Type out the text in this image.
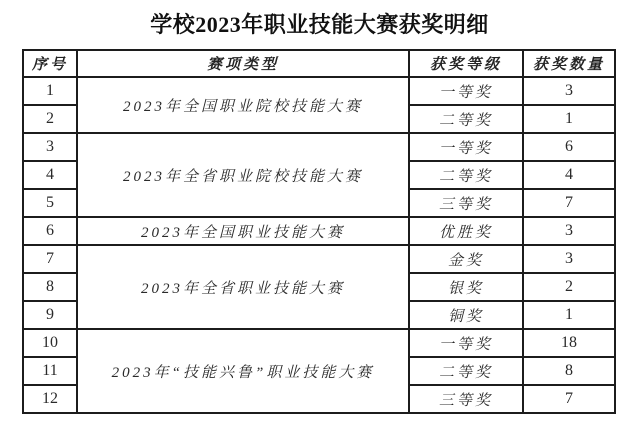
学校2023年职业技能大赛获奖明细
序号	赛项类型	获奖等级	获奖数量
1	2023年全国职业院校技能大赛	一等奖	3
2		二等奖	1
3	2023年全省职业院校技能大赛	一等奖	6
4		二等奖	4
5		三等奖	7
6	2023年全国职业技能大赛	优胜奖	3
7	2023年全省职业技能大赛	金奖	3
8		银奖	2
9		铜奖	1
10	2023年“技能兴鲁”职业技能大赛	一等奖	18
11		二等奖	8
12		三等奖	7
